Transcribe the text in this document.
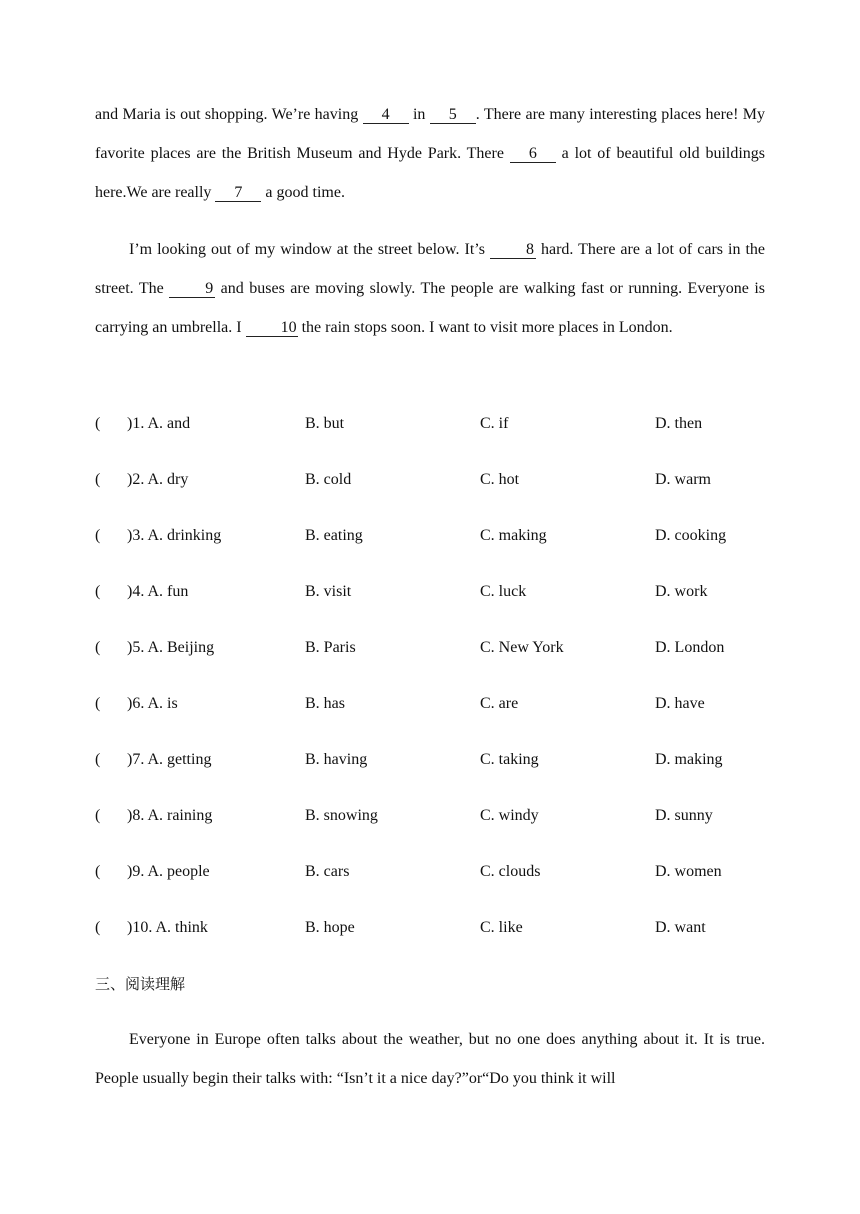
and Maria is out shopping. We’re having 4 in 5 . There are many interesting places here! My favorite places are the British Museum and Hyde Park. There 6 a lot of beautiful old buildings here.We are really 7 a good time.
I’m looking out of my window at the street below. It’s 8 hard. There are a lot of cars in the street. The 9 and buses are moving slowly. The people are walking fast or running. Everyone is carrying an umbrella. I 10 the rain stops soon. I want to visit more places in London.
( )1. A. and	B. but	C. if	D. then
( )2. A. dry	B. cold	C. hot	D. warm
( )3. A. drinking	B. eating	C. making	D. cooking
( )4. A. fun	B. visit	C. luck	D. work
( )5. A. Beijing	B. Paris	C. New York	D. London
( )6. A. is	B. has	C. are	D. have
( )7. A. getting	B. having	C. taking	D. making
( )8. A. raining	B. snowing	C. windy	D. sunny
( )9. A. people	B. cars	C. clouds	D. women
( )10. A. think	B. hope	C. like	D. want
三、阅读理解
Everyone in Europe often talks about the weather, but no one does anything about it. It is true. People usually begin their talks with: “Isn’t it a nice day?”or“Do you think it will
